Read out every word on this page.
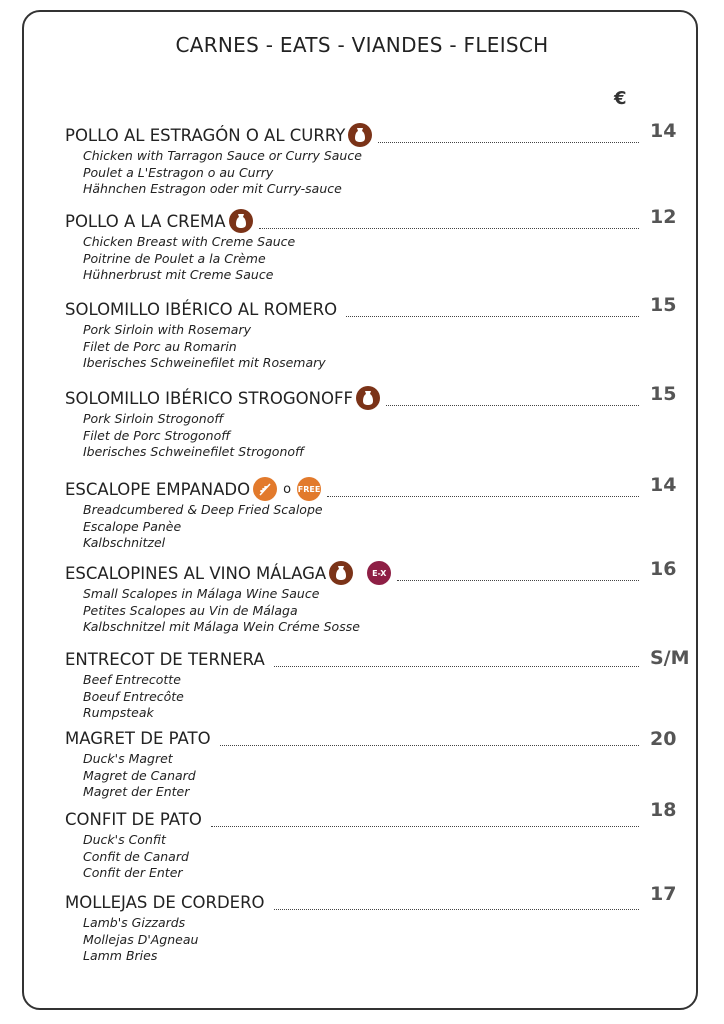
CARNES - EATS - VIANDES - FLEISCH
€
POLLO AL ESTRAGÓN O AL CURRY	14
Chicken with Tarragon Sauce or Curry Sauce
Poulet a L'Estragon o au Curry
Hähnchen Estragon oder mit Curry-sauce
POLLO A LA CREMA	12
Chicken Breast with Creme Sauce
Poitrine de Poulet a la Crème
Hühnerbrust mit Creme Sauce
SOLOMILLO IBÉRICO AL ROMERO	15
Pork Sirloin with Rosemary
Filet de Porc au Romarin
Iberisches Schweinefilet mit Rosemary
SOLOMILLO IBÉRICO STROGONOFF	15
Pork Sirloin Strogonoff
Filet de Porc Strogonoff
Iberisches Schweinefilet Strogonoff
ESCALOPE EMPANADO	o FREE	14
Breadcumbered & Deep Fried Scalope
Escalope Panèe
Kalbschnitzel
ESCALOPINES AL VINO MÁLAGA	E-X	16
Small Scalopes in Málaga Wine Sauce
Petites Scalopes au Vin de Málaga
Kalbschnitzel mit Málaga Wein Créme Sosse
ENTRECOT DE TERNERA	S/M
Beef Entrecotte
Boeuf Entrecôte
Rumpsteak
MAGRET DE PATO	20
Duck's Magret
Magret de Canard
Magret der Enter
CONFIT DE PATO	18
Duck's Confit
Confit de Canard
Confit der Enter
MOLLEJAS DE CORDERO	17
Lamb's Gizzards
Mollejas D'Agneau
Lamm Bries
